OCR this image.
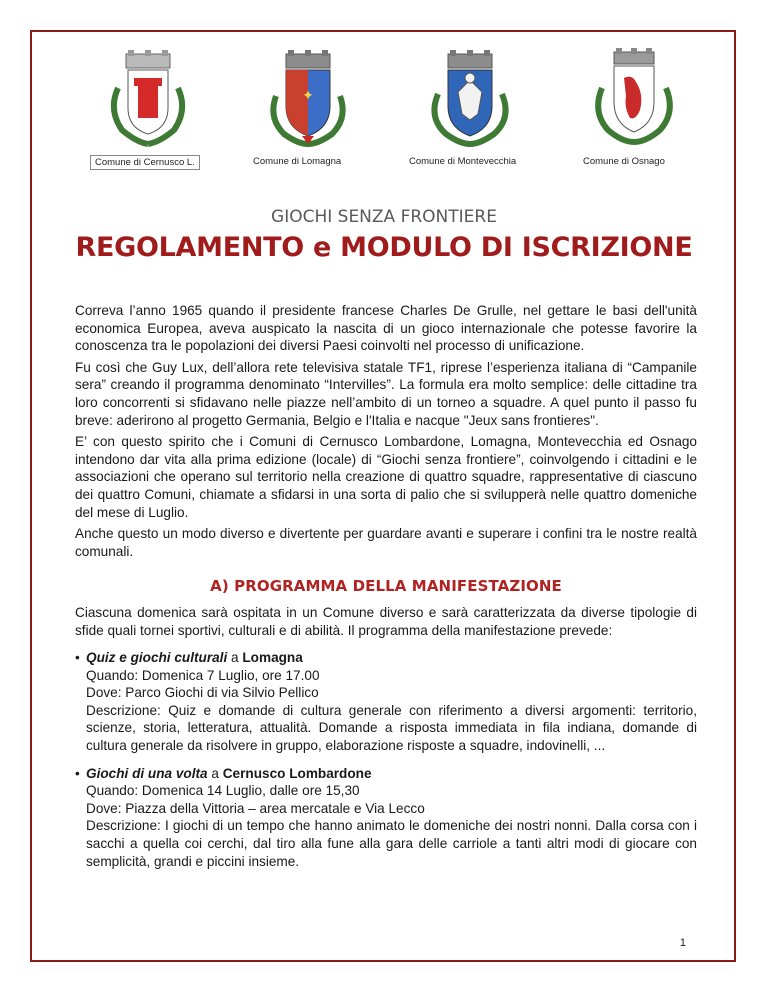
Comune di Cernusco L.
✦
Comune di Lomagna	Comune di Montevecchia	Comune di Osnago
GIOCHI SENZA FRONTIERE
REGOLAMENTO e MODULO DI ISCRIZIONE

Correva l’anno 1965 quando il presidente francese Charles De Grulle, nel gettare le basi dell'unità economica Europea, aveva auspicato la nascita di un gioco internazionale che potesse favorire la conoscenza tra le popolazioni dei diversi Paesi coinvolti nel processo di unificazione.

Fu così che Guy Lux, dell’allora rete televisiva statale TF1, riprese l’esperienza italiana di “Campanile sera” creando il programma denominato “Intervilles”. La formula era molto semplice: delle cittadine tra loro concorrenti si sfidavano nelle piazze nell’ambito di un torneo a squadre. A quel punto il passo fu breve: aderirono al progetto Germania, Belgio e l'Italia e nacque "Jeux sans frontieres".

E’ con questo spirito che i Comuni di Cernusco Lombardone, Lomagna, Montevecchia ed Osnago intendono dar vita alla prima edizione (locale) di “Giochi senza frontiere”, coinvolgendo i cittadini e le associazioni che operano sul territorio nella creazione di quattro squadre, rappresentative di ciascuno dei quattro Comuni, chiamate a sfidarsi in una sorta di palio che si svilupperà nelle quattro domeniche del mese di Luglio.

Anche questo un modo diverso e divertente per guardare avanti e superare i confini tra le nostre realtà comunali.

A) PROGRAMMA DELLA MANIFESTAZIONE

Ciascuna domenica sarà ospitata in un Comune diverso e sarà caratterizzata da diverse tipologie di sfide quali tornei sportivi, culturali e di abilità. Il programma della manifestazione prevede:

• Quiz e giochi culturali a Lomagna
Quando: Domenica 7 Luglio, ore 17.00
Dove: Parco Giochi di via Silvio Pellico
Descrizione: Quiz e domande di cultura generale con riferimento a diversi argomenti: territorio, scienze, storia, letteratura, attualità. Domande a risposta immediata in fila indiana, domande di cultura generale da risolvere in gruppo, elaborazione risposte a squadre, indovinelli, ...
• Giochi di una volta a Cernusco Lombardone
Quando: Domenica 14 Luglio, dalle ore 15,30
Dove: Piazza della Vittoria – area mercatale e Via Lecco
Descrizione: I giochi di un tempo che hanno animato le domeniche dei nostri nonni. Dalla corsa con i sacchi a quella coi cerchi, dal tiro alla fune alla gara delle carriole a tanti altri modi di giocare con semplicità, grandi e piccini insieme.
1
